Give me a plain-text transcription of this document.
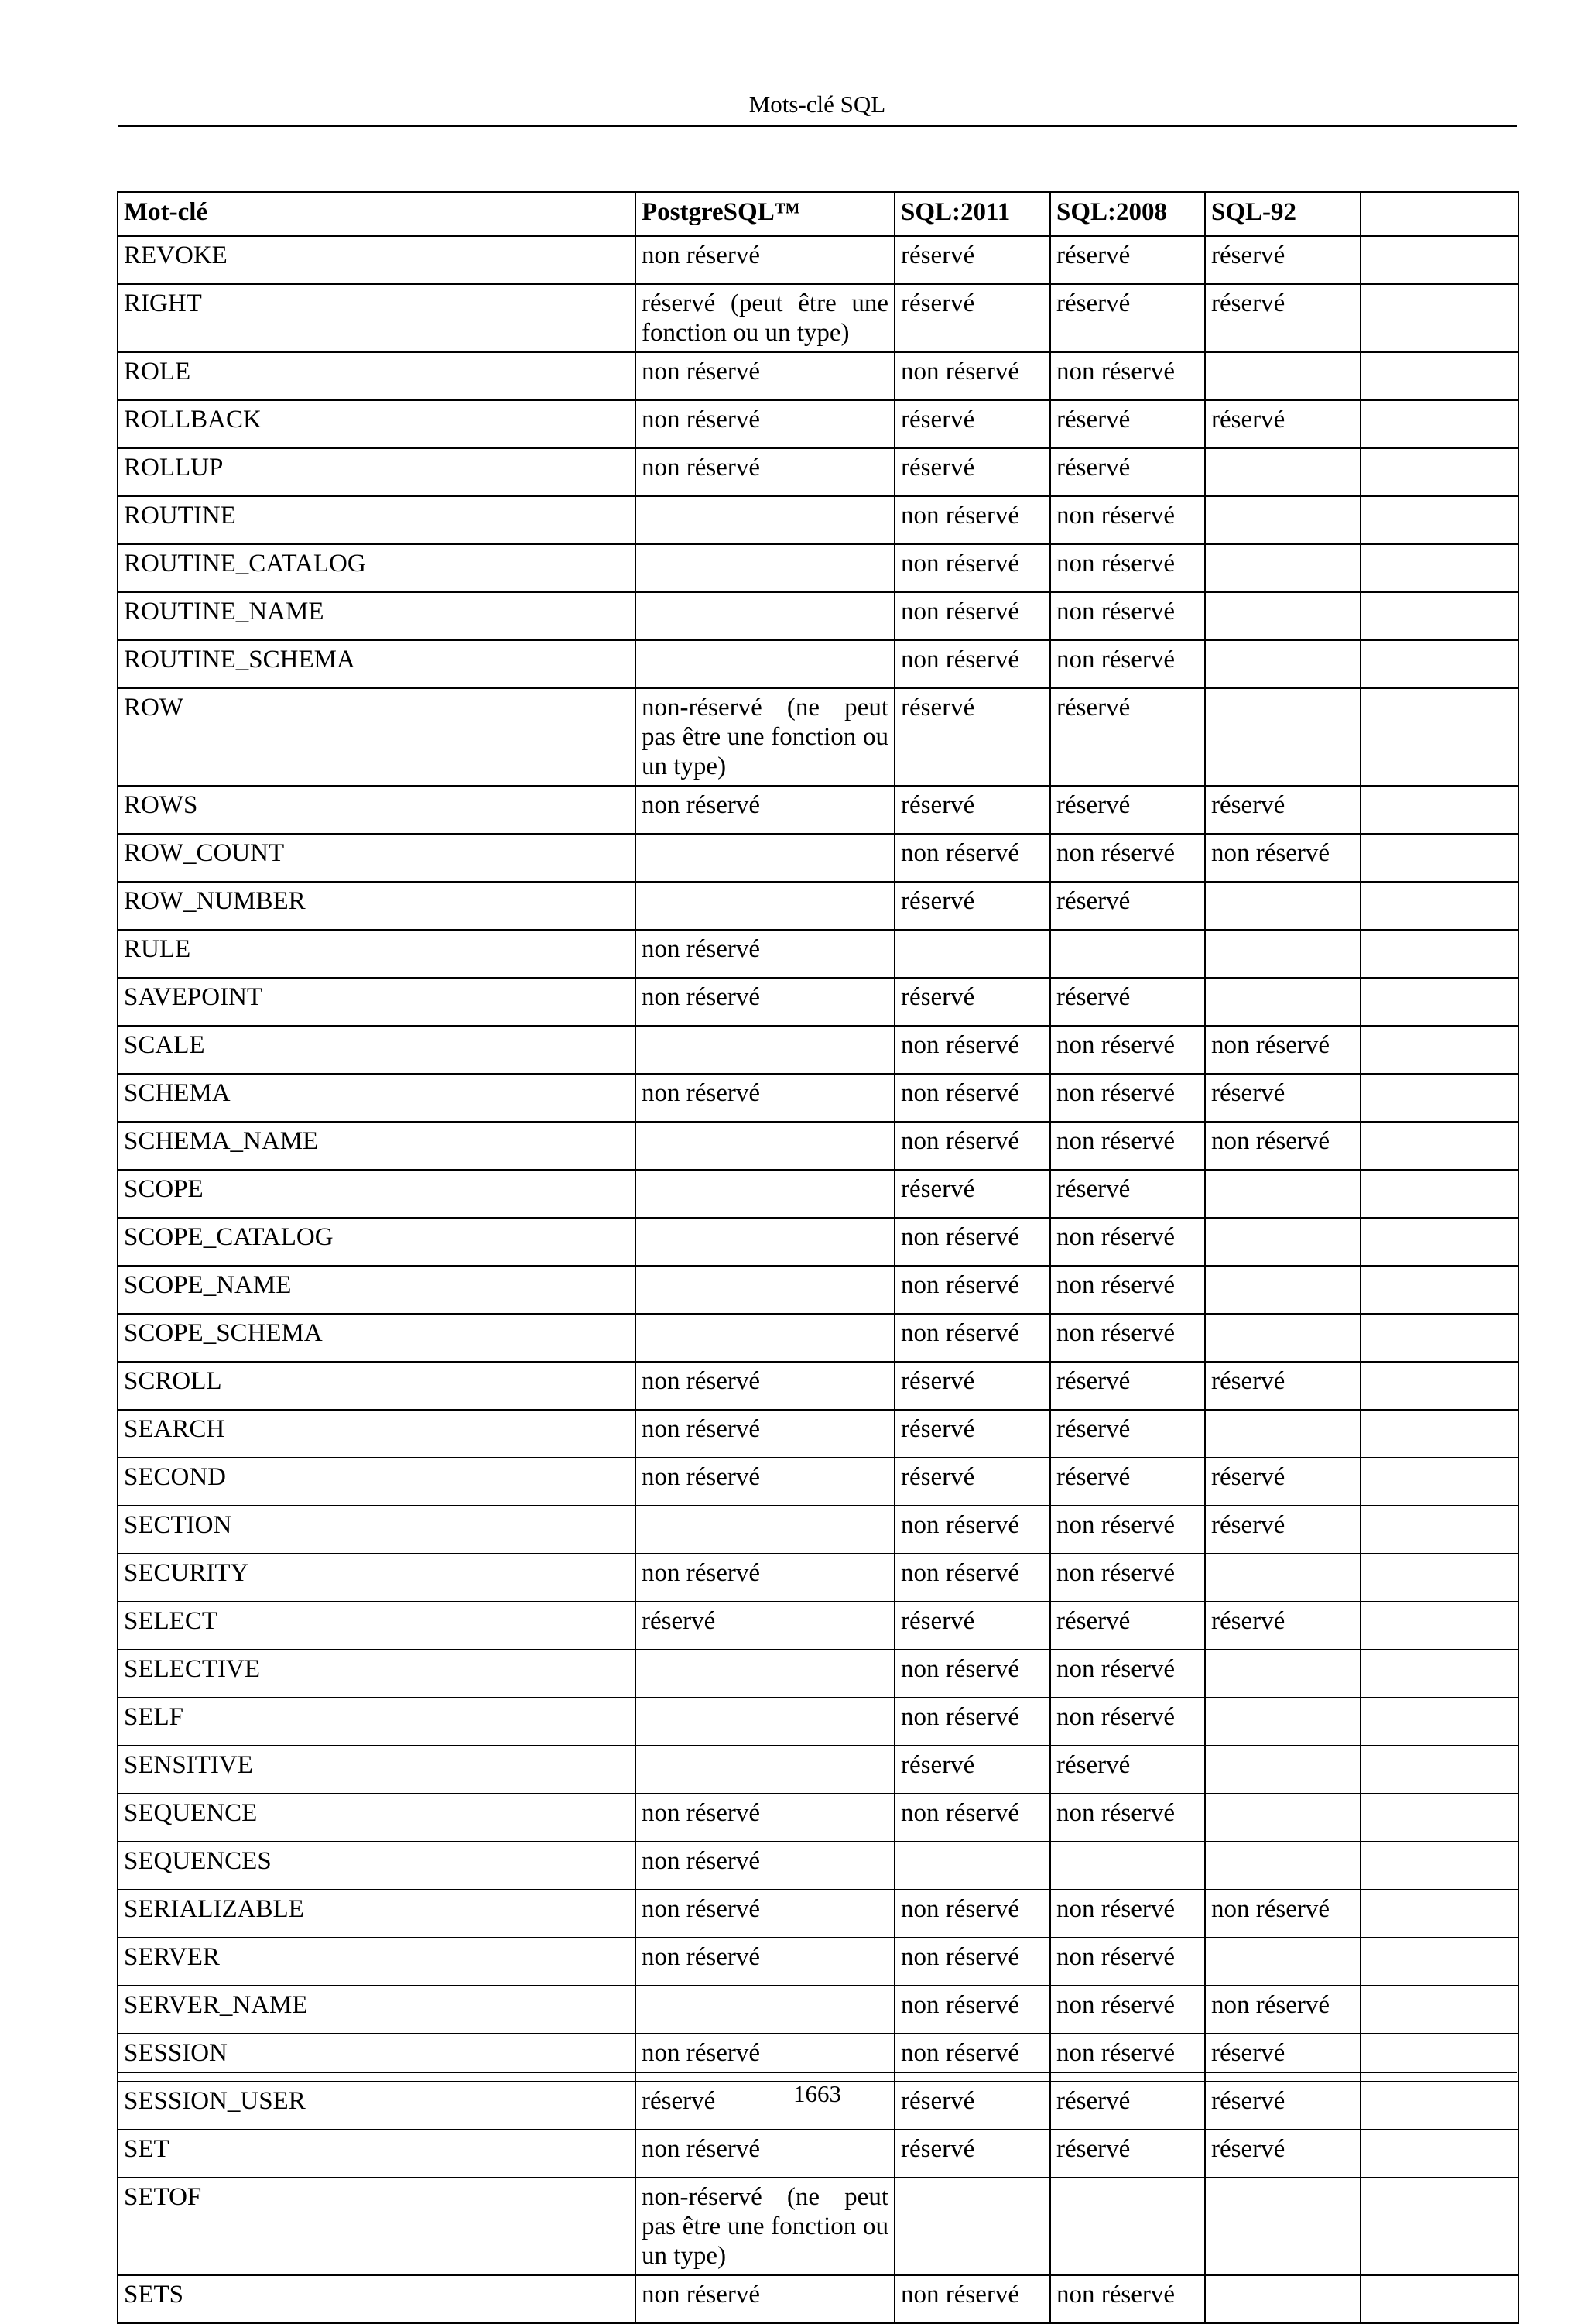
Mots-clé SQL
Mot-clé	PostgreSQL™	SQL:2011	SQL:2008	SQL-92	
REVOKE	non réservé	réservé	réservé	réservé	
RIGHT	réservé (peut être une fonction ou un type)	réservé	réservé	réservé	
ROLE	non réservé	non réservé	non réservé		
ROLLBACK	non réservé	réservé	réservé	réservé	
ROLLUP	non réservé	réservé	réservé		
ROUTINE		non réservé	non réservé		
ROUTINE_CATALOG		non réservé	non réservé		
ROUTINE_NAME		non réservé	non réservé		
ROUTINE_SCHEMA		non réservé	non réservé		
ROW	non-réservé (ne peut pas être une fonction ou un type)	réservé	réservé		
ROWS	non réservé	réservé	réservé	réservé	
ROW_COUNT		non réservé	non réservé	non réservé	
ROW_NUMBER		réservé	réservé		
RULE	non réservé				
SAVEPOINT	non réservé	réservé	réservé		
SCALE		non réservé	non réservé	non réservé	
SCHEMA	non réservé	non réservé	non réservé	réservé	
SCHEMA_NAME		non réservé	non réservé	non réservé	
SCOPE		réservé	réservé		
SCOPE_CATALOG		non réservé	non réservé		
SCOPE_NAME		non réservé	non réservé		
SCOPE_SCHEMA		non réservé	non réservé		
SCROLL	non réservé	réservé	réservé	réservé	
SEARCH	non réservé	réservé	réservé		
SECOND	non réservé	réservé	réservé	réservé	
SECTION		non réservé	non réservé	réservé	
SECURITY	non réservé	non réservé	non réservé		
SELECT	réservé	réservé	réservé	réservé	
SELECTIVE		non réservé	non réservé		
SELF		non réservé	non réservé		
SENSITIVE		réservé	réservé		
SEQUENCE	non réservé	non réservé	non réservé		
SEQUENCES	non réservé				
SERIALIZABLE	non réservé	non réservé	non réservé	non réservé	
SERVER	non réservé	non réservé	non réservé		
SERVER_NAME		non réservé	non réservé	non réservé	
SESSION	non réservé	non réservé	non réservé	réservé	
SESSION_USER	réservé	réservé	réservé	réservé	
SET	non réservé	réservé	réservé	réservé	
SETOF	non-réservé (ne peut pas être une fonction ou un type)				
SETS	non réservé	non réservé	non réservé		
1663
